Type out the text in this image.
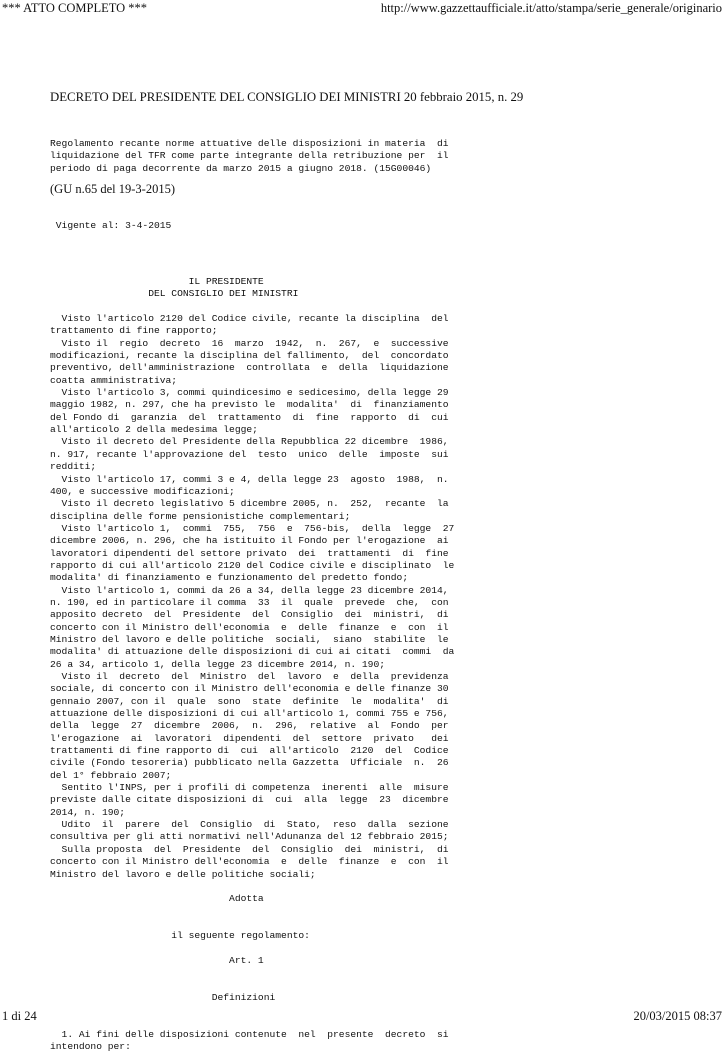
*** ATTO COMPLETO ***	http://www.gazzettaufficiale.it/atto/stampa/serie_generale/originario
DECRETO DEL PRESIDENTE DEL CONSIGLIO DEI MINISTRI 20 febbraio 2015, n. 29
Regolamento recante norme attuative delle disposizioni in materia  di
liquidazione del TFR come parte integrante della retribuzione per  il
periodo di paga decorrente da marzo 2015 a giugno 2018. (15G00046)
(GU n.65 del 19-3-2015)
Vigente al: 3-4-2015
IL PRESIDENTE
DEL CONSIGLIO DEI MINISTRI

Visto l'articolo 2120 del Codice civile, recante la disciplina  del
trattamento di fine rapporto;
Visto il  regio  decreto  16  marzo  1942,  n.  267,  e  successive
modificazioni, recante la disciplina del fallimento,  del  concordato
preventivo, dell'amministrazione  controllata  e  della  liquidazione
coatta amministrativa;
Visto l'articolo 3, commi quindicesimo e sedicesimo, della legge 29
maggio 1982, n. 297, che ha previsto le  modalita'  di  finanziamento
del Fondo di  garanzia  del  trattamento  di  fine  rapporto  di  cui
all'articolo 2 della medesima legge;
Visto il decreto del Presidente della Repubblica 22 dicembre  1986,
n. 917, recante l'approvazione del  testo  unico  delle  imposte  sui
redditi;
Visto l'articolo 17, commi 3 e 4, della legge 23  agosto  1988,  n.
400, e successive modificazioni;
Visto il decreto legislativo 5 dicembre 2005, n.  252,  recante  la
disciplina delle forme pensionistiche complementari;
Visto l'articolo 1,  commi  755,  756  e  756-bis,  della  legge  27
dicembre 2006, n. 296, che ha istituito il Fondo per l'erogazione  ai
lavoratori dipendenti del settore privato  dei  trattamenti  di  fine
rapporto di cui all'articolo 2120 del Codice civile e disciplinato  le
modalita' di finanziamento e funzionamento del predetto fondo;
Visto l'articolo 1, commi da 26 a 34, della legge 23 dicembre 2014,
n. 190, ed in particolare il comma  33  il  quale  prevede  che,  con
apposito decreto  del  Presidente  del  Consiglio  dei  ministri,  di
concerto con il Ministro dell'economia  e  delle  finanze  e  con  il
Ministro del lavoro e delle politiche  sociali,  siano  stabilite  le
modalita' di attuazione delle disposizioni di cui ai citati  commi  da
26 a 34, articolo 1, della legge 23 dicembre 2014, n. 190;
Visto il  decreto  del  Ministro  del  lavoro  e  della  previdenza
sociale, di concerto con il Ministro dell'economia e delle finanze 30
gennaio 2007, con il  quale  sono  state  definite  le  modalita'  di
attuazione delle disposizioni di cui all'articolo 1, commi 755 e 756,
della  legge  27  dicembre  2006,  n.  296,  relative  al  Fondo  per
l'erogazione  ai  lavoratori  dipendenti  del  settore  privato   dei
trattamenti di fine rapporto di  cui  all'articolo  2120  del  Codice
civile (Fondo tesoreria) pubblicato nella Gazzetta  Ufficiale  n.  26
del 1° febbraio 2007;
Sentito l'INPS, per i profili di competenza  inerenti  alle  misure
previste dalle citate disposizioni di  cui  alla  legge  23  dicembre
2014, n. 190;
Udito  il  parere  del  Consiglio  di  Stato,  reso  dalla  sezione
consultiva per gli atti normativi nell'Adunanza del 12 febbraio 2015;
Sulla proposta  del  Presidente  del  Consiglio  dei  ministri,  di
concerto con il Ministro dell'economia  e  delle  finanze  e  con  il
Ministro del lavoro e delle politiche sociali;

Adotta

il seguente regolamento:

Art. 1

Definizioni

1. Ai fini delle disposizioni contenute  nel  presente  decreto  si
intendono per:
1 di 24	20/03/2015 08:37
